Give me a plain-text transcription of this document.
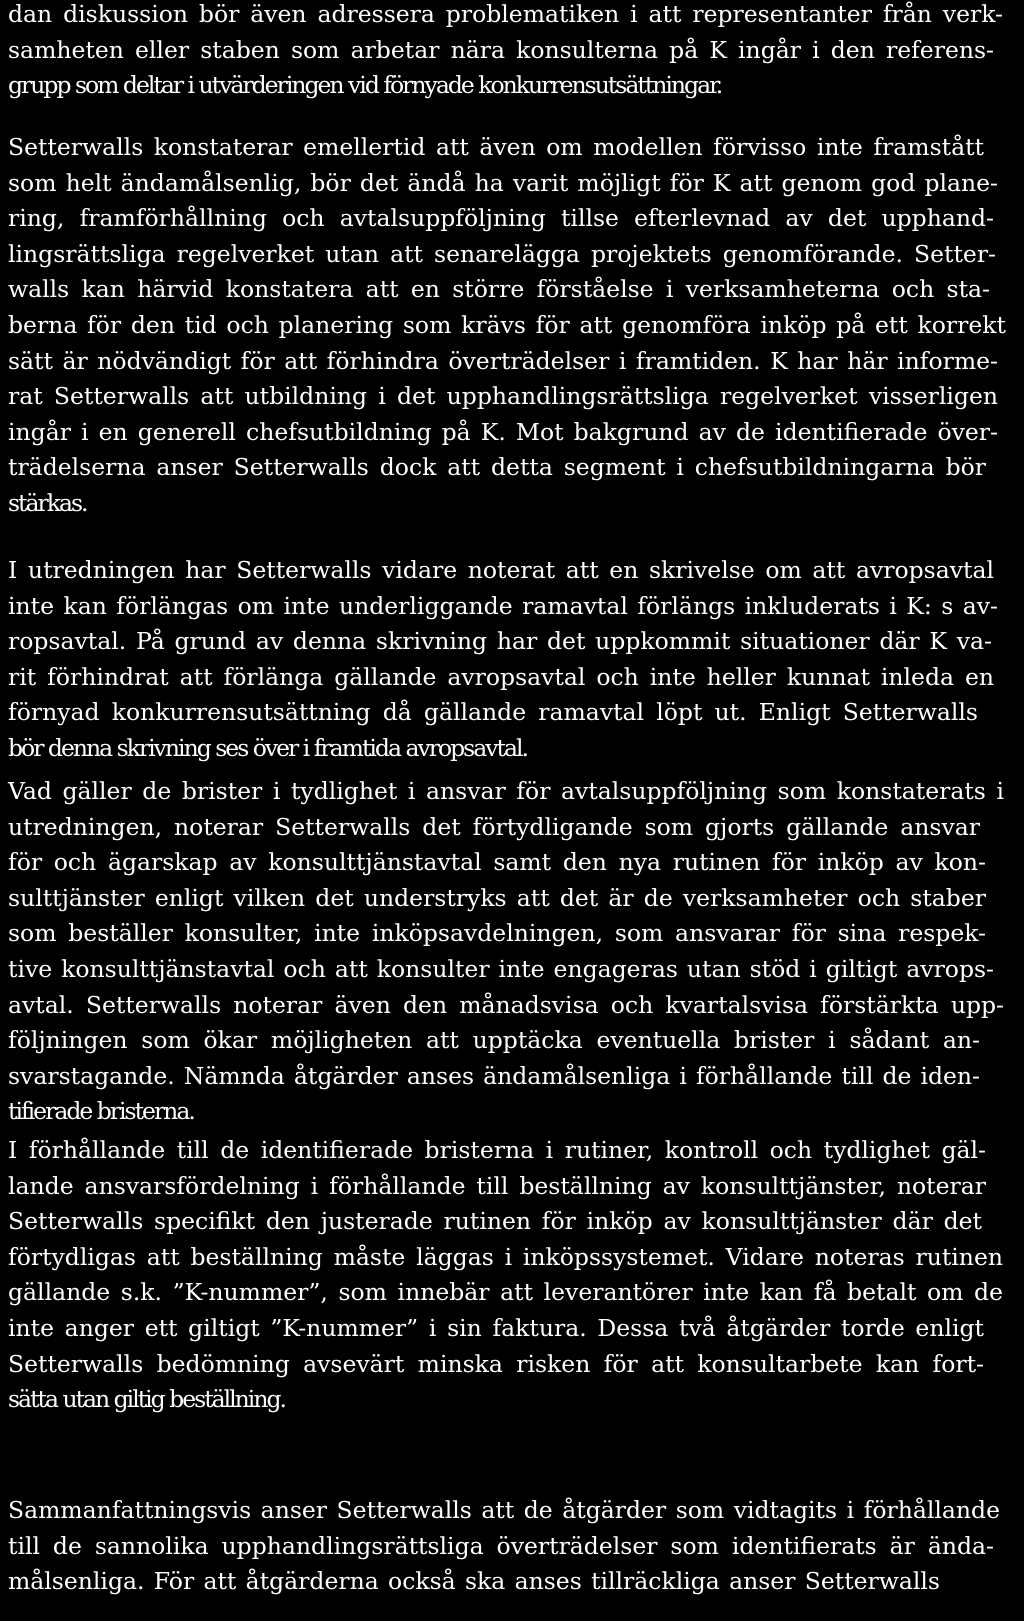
dan diskussion bör även adressera problematiken i att representanter från verk-
samheten eller staben som arbetar nära konsulterna på K ingår i den referens-
grupp som deltar i utvärderingen vid förnyade konkurrensutsättningar.

Setterwalls konstaterar emellertid att även om modellen förvisso inte framstått
som helt ändamålsenlig, bör det ändå ha varit möjligt för K att genom god plane-
ring, framförhållning och avtalsuppföljning tillse efterlevnad av det upphand-
lingsrättsliga regelverket utan att senarelägga projektets genomförande. Setter-
walls kan härvid konstatera att en större förståelse i verksamheterna och sta-
berna för den tid och planering som krävs för att genomföra inköp på ett korrekt
sätt är nödvändigt för att förhindra överträdelser i framtiden. K har här informe-
rat Setterwalls att utbildning i det upphandlingsrättsliga regelverket visserligen
ingår i en generell chefsutbildning på K. Mot bakgrund av de identifierade över-
trädelserna anser Setterwalls dock att detta segment i chefsutbildningarna bör
stärkas.

I utredningen har Setterwalls vidare noterat att en skrivelse om att avropsavtal
inte kan förlängas om inte underliggande ramavtal förlängs inkluderats i K: s av-
ropsavtal. På grund av denna skrivning har det uppkommit situationer där K va-
rit förhindrat att förlänga gällande avropsavtal och inte heller kunnat inleda en
förnyad konkurrensutsättning då gällande ramavtal löpt ut. Enligt Setterwalls
bör denna skrivning ses över i framtida avropsavtal.

Vad gäller de brister i tydlighet i ansvar för avtalsuppföljning som konstaterats i
utredningen, noterar Setterwalls det förtydligande som gjorts gällande ansvar
för och ägarskap av konsulttjänstavtal samt den nya rutinen för inköp av kon-
sulttjänster enligt vilken det understryks att det är de verksamheter och staber
som beställer konsulter, inte inköpsavdelningen, som ansvarar för sina respek-
tive konsulttjänstavtal och att konsulter inte engageras utan stöd i giltigt avrops-
avtal. Setterwalls noterar även den månadsvisa och kvartalsvisa förstärkta upp-
följningen som ökar möjligheten att upptäcka eventuella brister i sådant an-
svarstagande. Nämnda åtgärder anses ändamålsenliga i förhållande till de iden-
tifierade bristerna.

I förhållande till de identifierade bristerna i rutiner, kontroll och tydlighet gäl-
lande ansvarsfördelning i förhållande till beställning av konsulttjänster, noterar
Setterwalls specifikt den justerade rutinen för inköp av konsulttjänster där det
förtydligas att beställning måste läggas i inköpssystemet. Vidare noteras rutinen
gällande s.k. ”K-nummer”, som innebär att leverantörer inte kan få betalt om de
inte anger ett giltigt ”K-nummer” i sin faktura. Dessa två åtgärder torde enligt
Setterwalls bedömning avsevärt minska risken för att konsultarbete kan fort-
sätta utan giltig beställning.

Sammanfattningsvis anser Setterwalls att de åtgärder som vidtagits i förhållande
till de sannolika upphandlingsrättsliga överträdelser som identifierats är ända-
målsenliga. För att åtgärderna också ska anses tillräckliga anser Setterwalls
